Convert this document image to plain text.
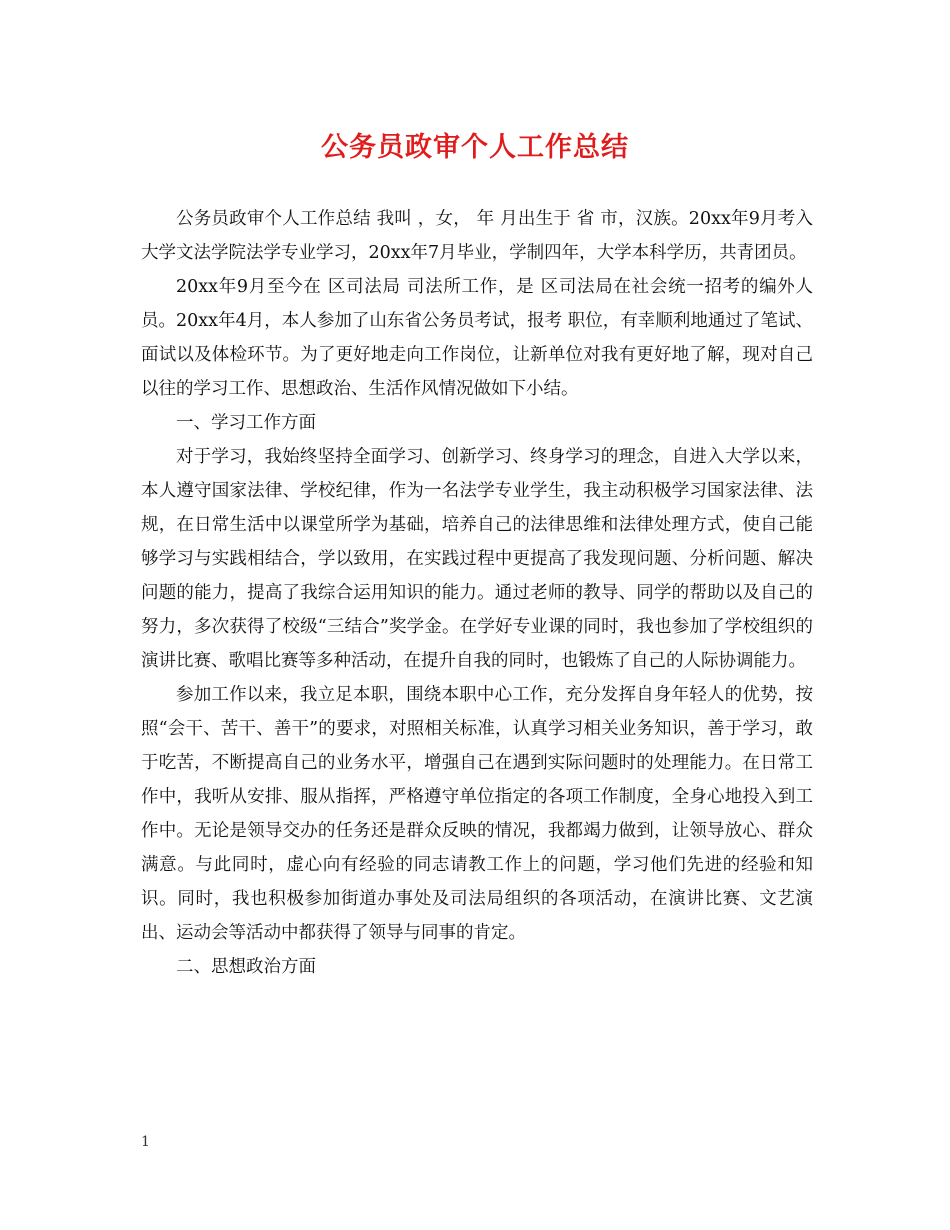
公务员政审个人工作总结

公务员政审个人工作总结 我叫 ，女， 年 月出生于 省 市，汉族。20xx年9月考入 大学文法学院法学专业学习，20xx年7月毕业，学制四年，大学本科学历，共青团员。

20xx年9月至今在 区司法局 司法所工作，是 区司法局在社会统一招考的编外人员。20xx年4月，本人参加了山东省公务员考试，报考 职位，有幸顺利地通过了笔试、面试以及体检环节。为了更好地走向工作岗位，让新单位对我有更好地了解，现对自己以往的学习工作、思想政治、生活作风情况做如下小结。

一、学习工作方面

对于学习，我始终坚持全面学习、创新学习、终身学习的理念，自进入大学以来，本人遵守国家法律、学校纪律，作为一名法学专业学生，我主动积极学习国家法律、法规，在日常生活中以课堂所学为基础，培养自己的法律思维和法律处理方式，使自己能够学习与实践相结合，学以致用，在实践过程中更提高了我发现问题、分析问题、解决问题的能力，提高了我综合运用知识的能力。通过老师的教导、同学的帮助以及自己的努力，多次获得了校级“三结合”奖学金。在学好专业课的同时，我也参加了学校组织的演讲比赛、歌唱比赛等多种活动，在提升自我的同时，也锻炼了自己的人际协调能力。

参加工作以来，我立足本职，围绕本职中心工作，充分发挥自身年轻人的优势，按照“会干、苦干、善干”的要求，对照相关标准，认真学习相关业务知识，善于学习，敢于吃苦，不断提高自己的业务水平，增强自己在遇到实际问题时的处理能力。在日常工作中，我听从安排、服从指挥，严格遵守单位指定的各项工作制度，全身心地投入到工作中。无论是领导交办的任务还是群众反映的情况，我都竭力做到，让领导放心、群众满意。与此同时，虚心向有经验的同志请教工作上的问题，学习他们先进的经验和知识。同时，我也积极参加街道办事处及司法局组织的各项活动，在演讲比赛、文艺演出、运动会等活动中都获得了领导与同事的肯定。

二、思想政治方面

1
